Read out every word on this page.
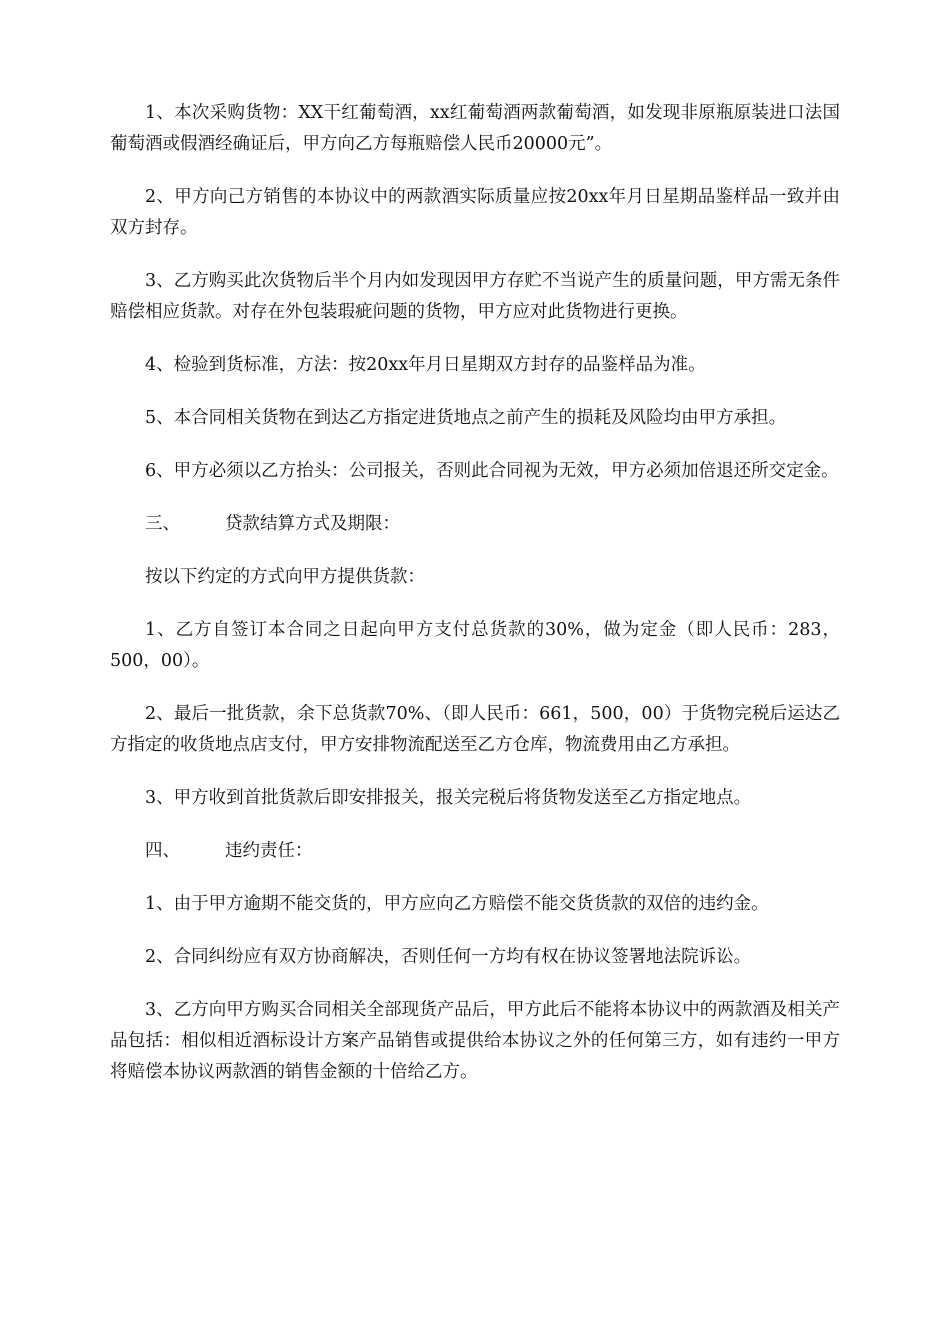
1、本次采购货物：XX干红葡萄酒，xx红葡萄酒两款葡萄酒，如发现非原瓶原装进口法国葡萄酒或假酒经确证后，甲方向乙方每瓶赔偿人民币20000元”。

2、甲方向己方销售的本协议中的两款酒实际质量应按20xx年月日星期品鉴样品一致并由双方封存。

3、乙方购买此次货物后半个月内如发现因甲方存贮不当说产生的质量问题，甲方需无条件赔偿相应货款。对存在外包装瑕疵问题的货物，甲方应对此货物进行更换。

4、检验到货标准，方法：按20xx年月日星期双方封存的品鉴样品为准。

5、本合同相关货物在到达乙方指定进货地点之前产生的损耗及风险均由甲方承担。

6、甲方必须以乙方抬头：公司报关，否则此合同视为无效，甲方必须加倍退还所交定金。

三、	贷款结算方式及期限：

按以下约定的方式向甲方提供货款：

1、乙方自签订本合同之日起向甲方支付总货款的30%，做为定金（即人民币：283，500，00）。

2、最后一批货款，余下总货款70%、（即人民币：661，500，00）于货物完税后运达乙方指定的收货地点店支付，甲方安排物流配送至乙方仓库，物流费用由乙方承担。

3、甲方收到首批货款后即安排报关，报关完税后将货物发送至乙方指定地点。

四、	违约责任：

1、由于甲方逾期不能交货的，甲方应向乙方赔偿不能交货货款的双倍的违约金。

2、合同纠纷应有双方协商解决，否则任何一方均有权在协议签署地法院诉讼。

3、乙方向甲方购买合同相关全部现货产品后，甲方此后不能将本协议中的两款酒及相关产品包括：相似相近酒标设计方案产品销售或提供给本协议之外的任何第三方，如有违约一甲方将赔偿本协议两款酒的销售金额的十倍给乙方。
